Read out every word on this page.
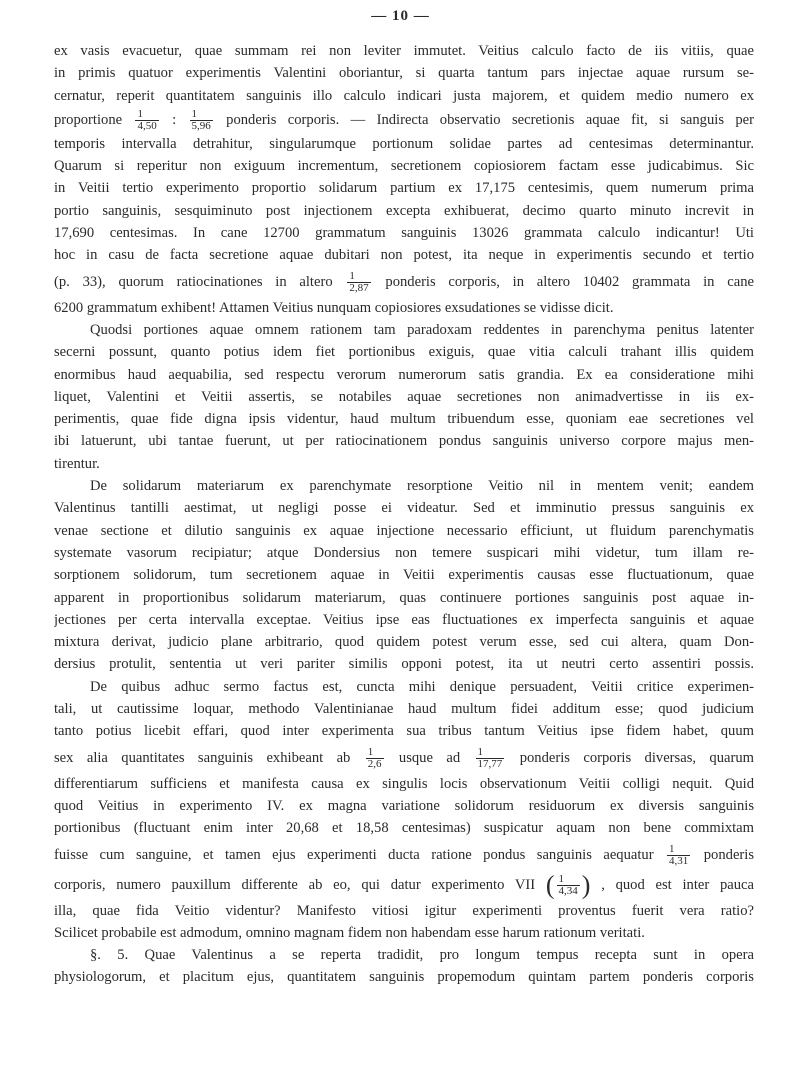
— 10 —
ex vasis evacuetur, quae summam rei non leviter immutet. Veitius calculo facto de iis vitiis, quae
in primis quatuor experimentis Valentini oboriantur, si quarta tantum pars injectae aquae rursum se-
cernatur, reperit quantitatem sanguinis illo calculo indicari justa majorem, et quidem medio numero ex
proportione $\frac{1}{4,50}$ : $\frac{1}{5,96}$ ponderis corporis. — Indirecta observatio secretionis aquae fit, si sanguis per
temporis intervalla detrahitur, singularumque portionum solidae partes ad centesimas determinantur.
Quarum si reperitur non exiguum incrementum, secretionem copiosiorem factam esse judicabimus. Sic
in Veitii tertio experimento proportio solidarum partium ex 17,175 centesimis, quem numerum prima
portio sanguinis, sesquiminuto post injectionem excepta exhibuerat, decimo quarto minuto increvit in
17,690 centesimas. In cane 12700 grammatum sanguinis 13026 grammata calculo indicantur! Uti
hoc in casu de facta secretione aquae dubitari non potest, ita neque in experimentis secundo et tertio
(p. 33), quorum ratiocinationes in altero $\frac{1}{2,87}$ ponderis corporis, in altero 10402 grammata in cane
6200 grammatum exhibent! Attamen Veitius nunquam copiosiores exsudationes se vidisse dicit.
Quodsi portiones aquae omnem rationem tam paradoxam reddentes in parenchyma penitus latenter
secerni possunt, quanto potius idem fiet portionibus exiguis, quae vitia calculi trahant illis quidem
enormibus haud aequabilia, sed respectu verorum numerorum satis grandia. Ex ea consideratione mihi
liquet, Valentini et Veitii assertis, se notabiles aquae secretiones non animadvertisse in iis ex-
perimentis, quae fide digna ipsis videntur, haud multum tribuendum esse, quoniam eae secretiones vel
ibi latuerunt, ubi tantae fuerunt, ut per ratiocinationem pondus sanguinis universo corpore majus men-
tirentur.
De solidarum materiarum ex parenchymate resorptione Veitio nil in mentem venit; eandem
Valentinus tantilli aestimat, ut negligi posse ei videatur. Sed et imminutio pressus sanguinis ex
venae sectione et dilutio sanguinis ex aquae injectione necessario efficiunt, ut fluidum parenchymatis
systemate vasorum recipiatur; atque Dondersius non temere suspicari mihi videtur, tum illam re-
sorptionem solidorum, tum secretionem aquae in Veitii experimentis causas esse fluctuationum, quae
apparent in proportionibus solidarum materiarum, quas continuere portiones sanguinis post aquae in-
jectiones per certa intervalla exceptae. Veitius ipse eas fluctuationes ex imperfecta sanguinis et aquae
mixtura derivat, judicio plane arbitrario, quod quidem potest verum esse, sed cui altera, quam Don-
dersius protulit, sententia ut veri pariter similis opponi potest, ita ut neutri certo assentiri possis.
De quibus adhuc sermo factus est, cuncta mihi denique persuadent, Veitii critice experimen-
tali, ut cautissime loquar, methodo Valentinianae haud multum fidei additum esse; quod judicium
tanto potius licebit effari, quod inter experimenta sua tribus tantum Veitius ipse fidem habet, quum
sex alia quantitates sanguinis exhibeant ab $\frac{1}{2,6}$ usque ad $\frac{1}{17,77}$ ponderis corporis diversas, quarum
differentiarum sufficiens et manifesta causa ex singulis locis observationum Veitii colligi nequit. Quid
quod Veitius in experimento IV. ex magna variatione solidorum residuorum ex diversis sanguinis
portionibus (fluctuant enim inter 20,68 et 18,58 centesimas) suspicatur aquam non bene commixtam
fuisse cum sanguine, et tamen ejus experimenti ducta ratione pondus sanguinis aequatur $\frac{1}{4,31}$ ponderis
corporis, numero pauxillum differente ab eo, qui datur experimento VII ( $\frac{1}{4,34}$ ) , quod est inter pauca
illa, quae fida Veitio videntur? Manifesto vitiosi igitur experimenti proventus fuerit vera ratio?
Scilicet probabile est admodum, omnino magnam fidem non habendam esse harum rationum veritati.
§. 5. Quae Valentinus a se reperta tradidit, pro longum tempus recepta sunt in opera
physiologorum, et placitum ejus, quantitatem sanguinis propemodum quintam partem ponderis corporis
